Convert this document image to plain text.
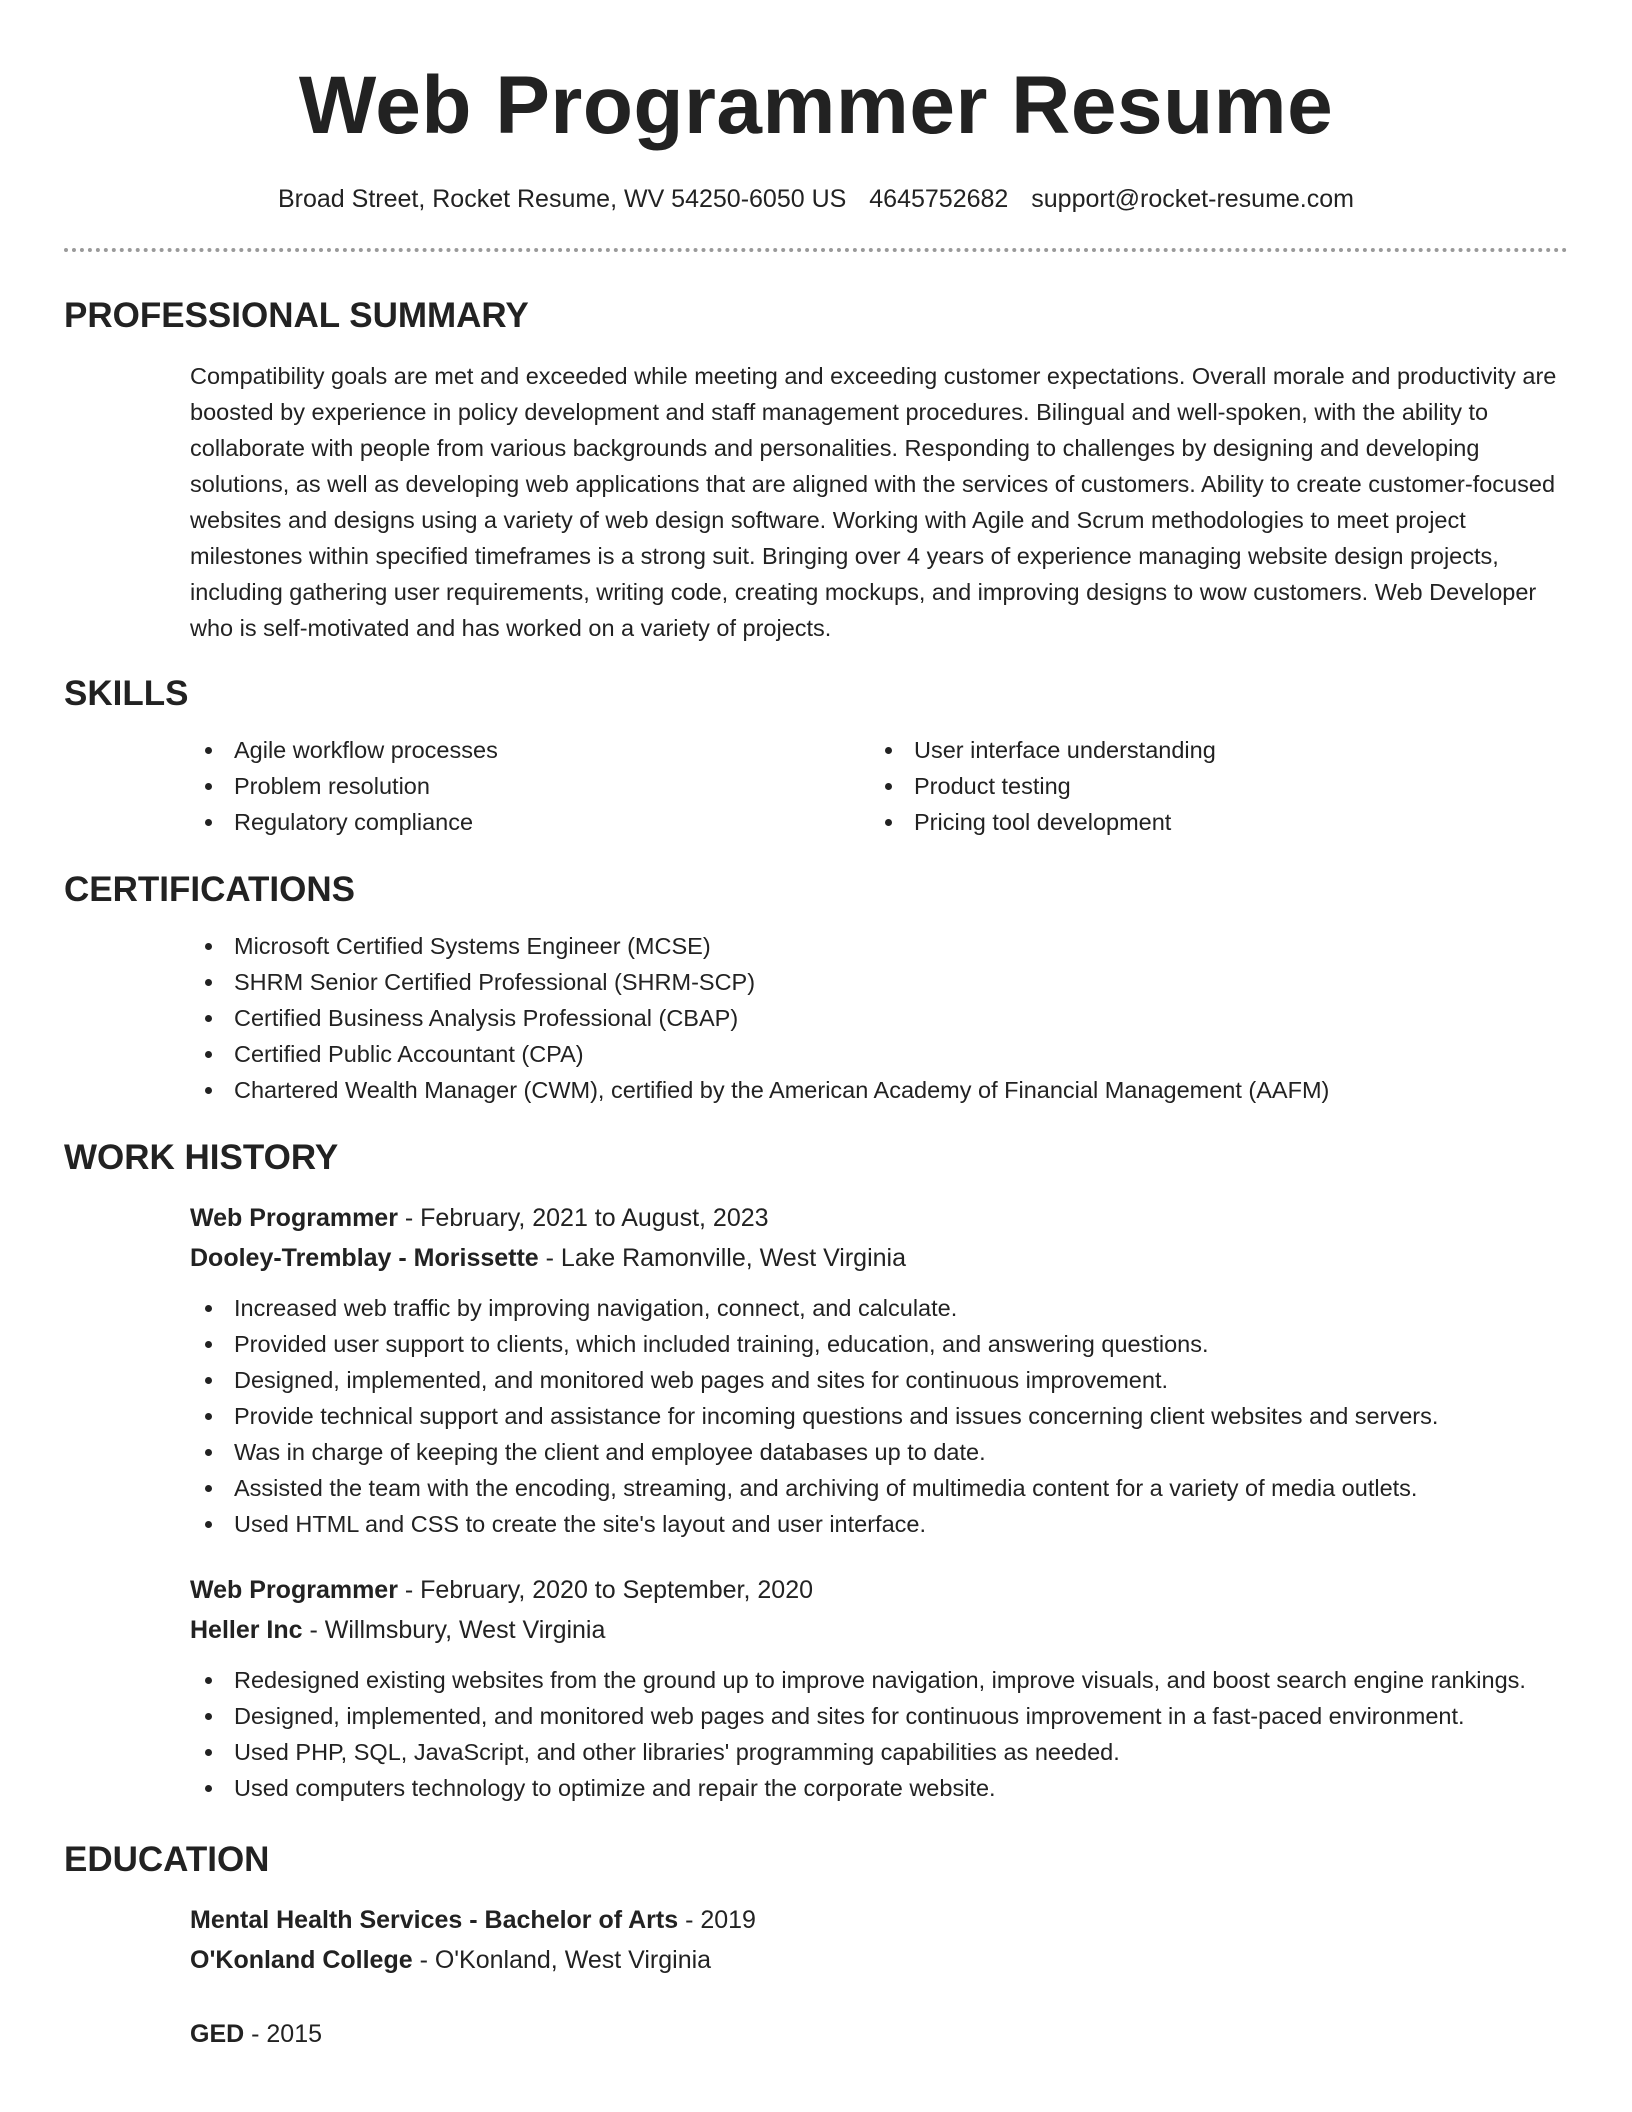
Web Programmer Resume
Broad Street, Rocket Resume, WV 54250-6050 US 4645752682 support@rocket-resume.com
PROFESSIONAL SUMMARY

Compatibility goals are met and exceeded while meeting and exceeding customer expectations. Overall morale and productivity are boosted by experience in policy development and staff management procedures. Bilingual and well-spoken, with the ability to collaborate with people from various backgrounds and personalities. Responding to challenges by designing and developing solutions, as well as developing web applications that are aligned with the services of customers. Ability to create customer-focused websites and designs using a variety of web design software. Working with Agile and Scrum methodologies to meet project milestones within specified timeframes is a strong suit. Bringing over 4 years of experience managing website design projects, including gathering user requirements, writing code, creating mockups, and improving designs to wow customers. Web Developer who is self-motivated and has worked on a variety of projects.

SKILLS
Agile workflow processes
Problem resolution
Regulatory compliance
User interface understanding
Product testing
Pricing tool development
CERTIFICATIONS
Microsoft Certified Systems Engineer (MCSE)
SHRM Senior Certified Professional (SHRM-SCP)
Certified Business Analysis Professional (CBAP)
Certified Public Accountant (CPA)
Chartered Wealth Manager (CWM), certified by the American Academy of Financial Management (AAFM)
WORK HISTORY
Web Programmer - February, 2021 to August, 2023
Dooley-Tremblay - Morissette - Lake Ramonville, West Virginia
Increased web traffic by improving navigation, connect, and calculate.
Provided user support to clients, which included training, education, and answering questions.
Designed, implemented, and monitored web pages and sites for continuous improvement.
Provide technical support and assistance for incoming questions and issues concerning client websites and servers.
Was in charge of keeping the client and employee databases up to date.
Assisted the team with the encoding, streaming, and archiving of multimedia content for a variety of media outlets.
Used HTML and CSS to create the site's layout and user interface.
Web Programmer - February, 2020 to September, 2020
Heller Inc - Willmsbury, West Virginia
Redesigned existing websites from the ground up to improve navigation, improve visuals, and boost search engine rankings.
Designed, implemented, and monitored web pages and sites for continuous improvement in a fast-paced environment.
Used PHP, SQL, JavaScript, and other libraries' programming capabilities as needed.
Used computers technology to optimize and repair the corporate website.
EDUCATION
Mental Health Services - Bachelor of Arts - 2019
O'Konland College - O'Konland, West Virginia
GED - 2015
